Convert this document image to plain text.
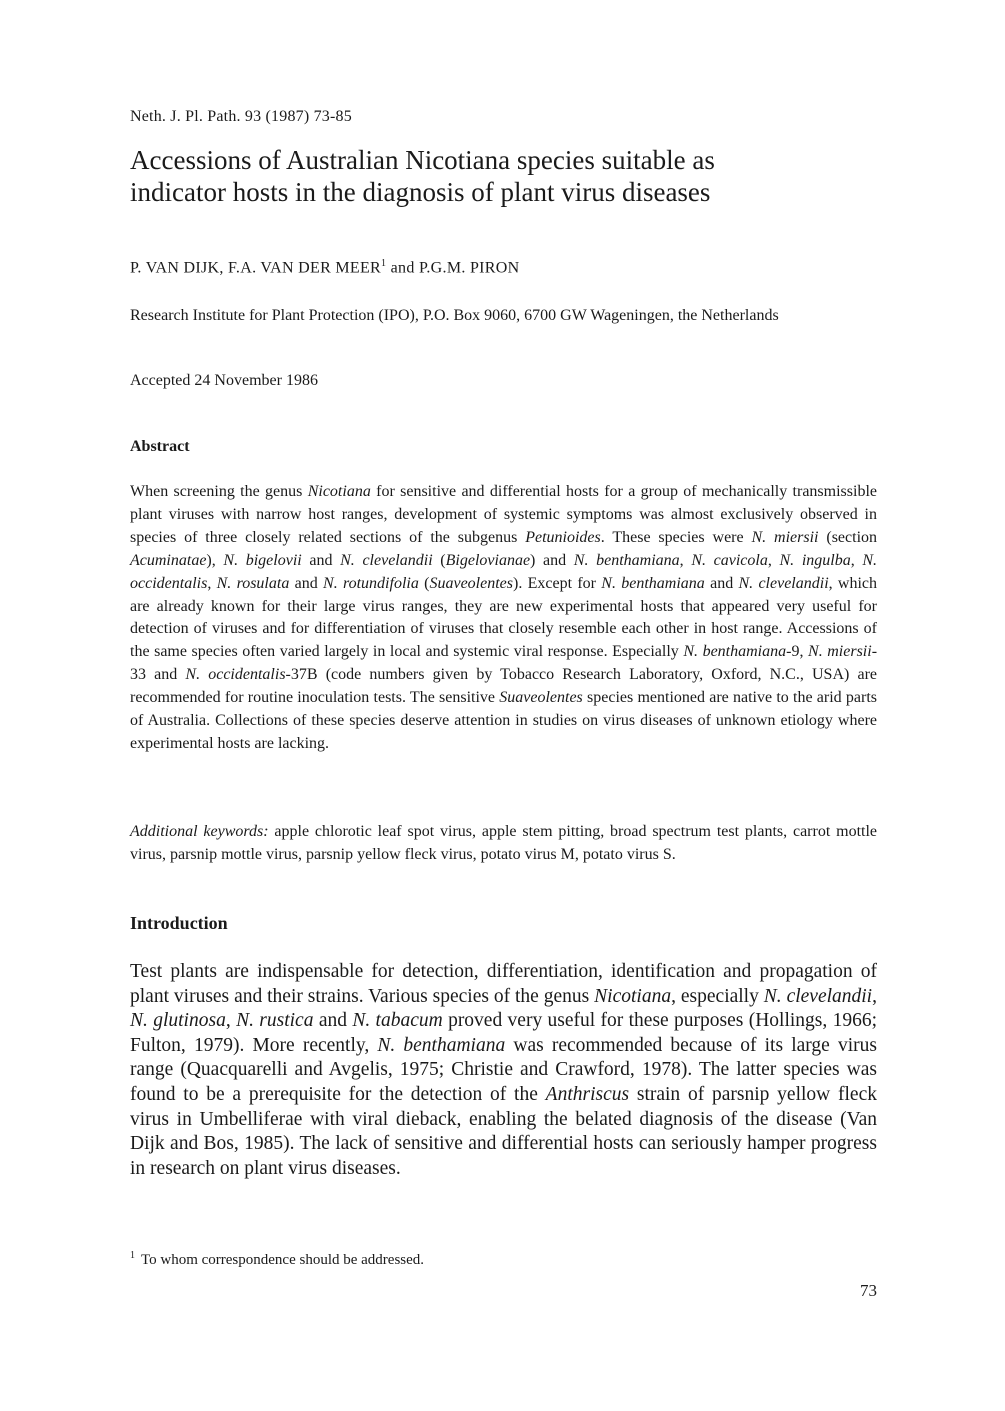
Neth. J. Pl. Path. 93 (1987) 73-85
Accessions of Australian Nicotiana species suitable as
indicator hosts in the diagnosis of plant virus diseases
P. VAN DIJK, F.A. VAN DER MEER$^1$ and P.G.M. PIRON

Research Institute for Plant Protection (IPO), P.O. Box 9060, 6700 GW Wageningen, the Netherlands

Accepted 24 November 1986
Abstract

When screening the genus Nicotiana for sensitive and differential hosts for a group of mechanically transmissible plant viruses with narrow host ranges, development of systemic symptoms was almost exclusively observed in species of three closely related sections of the subgenus Petunioides. These species were N. miersii (section Acuminatae), N. bigelovii and N. clevelandii (Bigelovianae) and N. benthamiana, N. cavicola, N. ingulba, N. occidentalis, N. rosulata and N. rotundifolia (Suaveolentes). Except for N. benthamiana and N. clevelandii, which are already known for their large virus ranges, they are new experimental hosts that appeared very useful for detection of viruses and for differentiation of viruses that closely resemble each other in host range. Accessions of the same species often varied largely in local and systemic viral response. Especially N. benthamiana-9, N. miersii-33 and N. occidentalis-37B (code numbers given by Tobacco Research Laboratory, Oxford, N.C., USA) are recommended for routine inoculation tests. The sensitive Suaveolentes species mentioned are native to the arid parts of Australia. Collections of these species deserve attention in studies on virus diseases of unknown etiology where experimental hosts are lacking.

Additional keywords: apple chlorotic leaf spot virus, apple stem pitting, broad spectrum test plants, carrot mottle virus, parsnip mottle virus, parsnip yellow fleck virus, potato virus M, potato virus S.

Introduction

Test plants are indispensable for detection, differentiation, identification and propagation of plant viruses and their strains. Various species of the genus Nicotiana, especially N. clevelandii, N. glutinosa, N. rustica and N. tabacum proved very useful for these purposes (Hollings, 1966; Fulton, 1979). More recently, N. benthamiana was recommended because of its large virus range (Quacquarelli and Avgelis, 1975; Christie and Crawford, 1978). The latter species was found to be a prerequisite for the detection of the Anthriscus strain of parsnip yellow fleck virus in Umbelliferae with viral dieback, enabling the belated diagnosis of the disease (Van Dijk and Bos, 1985). The lack of sensitive and differential hosts can seriously hamper progress in research on plant virus diseases.

$^1$ To whom correspondence should be addressed.
73
